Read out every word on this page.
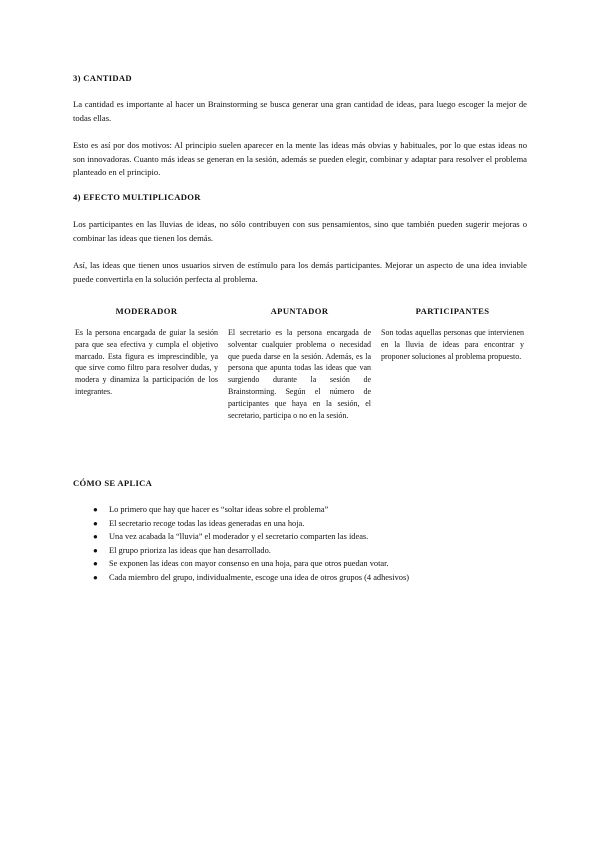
3) CANTIDAD

La cantidad es importante al hacer un Brainstorming se busca generar una gran cantidad de ideas, para luego escoger la mejor de todas ellas.

Esto es así por dos motivos: Al principio suelen aparecer en la mente las ideas más obvias y habituales, por lo que estas ideas no son innovadoras. Cuanto más ideas se generan en la sesión, además se pueden elegir, combinar y adaptar para resolver el problema planteado en el principio.

4) EFECTO MULTIPLICADOR

Los participantes en las lluvias de ideas, no sólo contribuyen con sus pensamientos, sino que también pueden sugerir mejoras o combinar las ideas que tienen los demás.

Así, las ideas que tienen unos usuarios sirven de estímulo para los demás participantes. Mejorar un aspecto de una idea inviable puede convertirla en la solución perfecta al problema.

MODERADOR

Es la persona encargada de guiar la sesión para que sea efectiva y cumpla el objetivo marcado. Esta figura es imprescindible, ya que sirve como filtro para resolver dudas, y modera y dinamiza la participación de los integrantes.

APUNTADOR

El secretario es la persona encargada de solventar cualquier problema o necesidad que pueda darse en la sesión. Además, es la persona que apunta todas las ideas que van surgiendo durante la sesión de Brainstorming. Según el número de participantes que haya en la sesión, el secretario, participa o no en la sesión.

PARTICIPANTES

Son todas aquellas personas que intervienen en la lluvia de ideas para encontrar y proponer soluciones al problema propuesto.

CÓMO SE APLICA
● Lo primero que hay que hacer es “soltar ideas sobre el problema”
● El secretario recoge todas las ideas generadas en una hoja.
● Una vez acabada la “lluvia” el moderador y el secretario comparten las ideas.
● El grupo prioriza las ideas que han desarrollado.
● Se exponen las ideas con mayor consenso en una hoja, para que otros puedan votar.
● Cada miembro del grupo, individualmente, escoge una idea de otros grupos (4 adhesivos)
